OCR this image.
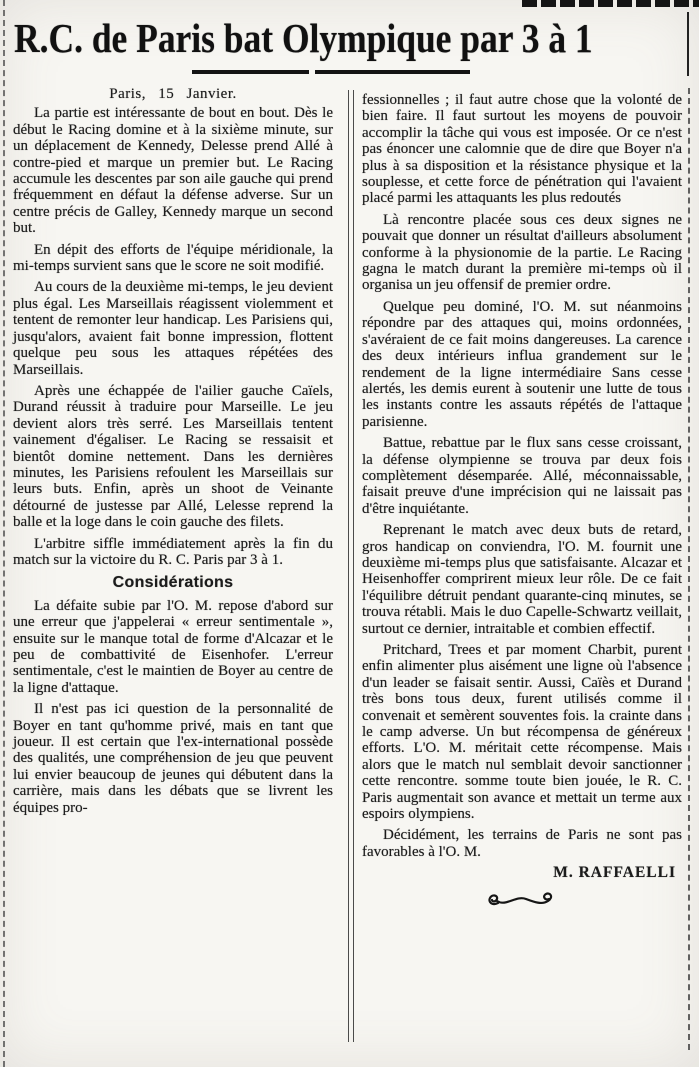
R.C. de Paris bat Olympique par 3 à 1
Paris, 15 Janvier.

La partie est intéressante de bout en bout. Dès le début le Racing domine et à la sixième minute, sur un déplacement de Kennedy, Delesse prend Allé à contre-pied et marque un premier but. Le Racing accumule les descentes par son aile gauche qui prend fréquemment en défaut la défense adverse. Sur un centre précis de Galley, Kennedy marque un second but.

En dépit des efforts de l'équipe méridionale, la mi-temps survient sans que le score ne soit modifié.

Au cours de la deuxième mi-temps, le jeu devient plus égal. Les Marseillais réagissent violemment et tentent de remonter leur handicap. Les Parisiens qui, jusqu'alors, avaient fait bonne impression, flottent quelque peu sous les attaques répétées des Marseillais.

Après une échappée de l'ailier gauche Caïels, Durand réussit à traduire pour Marseille. Le jeu devient alors très serré. Les Marseillais tentent vainement d'égaliser. Le Racing se ressaisit et bientôt domine nettement. Dans les dernières minutes, les Parisiens refoulent les Marseillais sur leurs buts. Enfin, après un shoot de Veinante détourné de justesse par Allé, Lelesse reprend la balle et la loge dans le coin gauche des filets.

L'arbitre siffle immédiatement après la fin du match sur la victoire du R. C. Paris par 3 à 1.

Considérations

La défaite subie par l'O. M. repose d'abord sur une erreur que j'appelerai « erreur sentimentale », ensuite sur le manque total de forme d'Alcazar et le peu de combattivité de Eisenhofer. L'erreur sentimentale, c'est le maintien de Boyer au centre de la ligne d'attaque.

Il n'est pas ici question de la personnalité de Boyer en tant qu'homme privé, mais en tant que joueur. Il est certain que l'ex-international possède des qualités, une compréhension de jeu que peuvent lui envier beaucoup de jeunes qui débutent dans la carrière, mais dans les débats que se livrent les équipes pro-

fessionnelles ; il faut autre chose que la volonté de bien faire. Il faut surtout les moyens de pouvoir accomplir la tâche qui vous est imposée. Or ce n'est pas énoncer une calomnie que de dire que Boyer n'a plus à sa disposition et la résistance physique et la souplesse, et cette force de pénétration qui l'avaient placé parmi les attaquants les plus redoutés

Là rencontre placée sous ces deux signes ne pouvait que donner un résultat d'ailleurs absolument conforme à la physionomie de la partie. Le Racing gagna le match durant la première mi-temps où il organisa un jeu offensif de premier ordre.

Quelque peu dominé, l'O. M. sut néanmoins répondre par des attaques qui, moins ordonnées, s'avéraient de ce fait moins dangereuses. La carence des deux intérieurs influa grandement sur le rendement de la ligne intermédiaire Sans cesse alertés, les demis eurent à soutenir une lutte de tous les instants contre les assauts répétés de l'attaque parisienne.

Battue, rebattue par le flux sans cesse croissant, la défense olympienne se trouva par deux fois complètement désemparée. Allé, méconnaissable, faisait preuve d'une imprécision qui ne laissait pas d'être inquiétante.

Reprenant le match avec deux buts de retard, gros handicap on conviendra, l'O. M. fournit une deuxième mi-temps plus que satisfaisante. Alcazar et Heisenhoffer comprirent mieux leur rôle. De ce fait l'équilibre détruit pendant quarante-cinq minutes, se trouva rétabli. Mais le duo Capelle-Schwartz veillait, surtout ce dernier, intraitable et combien effectif.

Pritchard, Trees et par moment Charbit, purent enfin alimenter plus aisément une ligne où l'absence d'un leader se faisait sentir. Aussi, Caïès et Durand très bons tous deux, furent utilisés comme il convenait et semèrent souventes fois. la crainte dans le camp adverse. Un but récompensa de généreux efforts. L'O. M. méritait cette récompense. Mais alors que le match nul semblait devoir sanctionner cette rencontre. somme toute bien jouée, le R. C. Paris augmentait son avance et mettait un terme aux espoirs olympiens.

Décidément, les terrains de Paris ne sont pas favorables à l'O. M.

M. RAFFAELLI
